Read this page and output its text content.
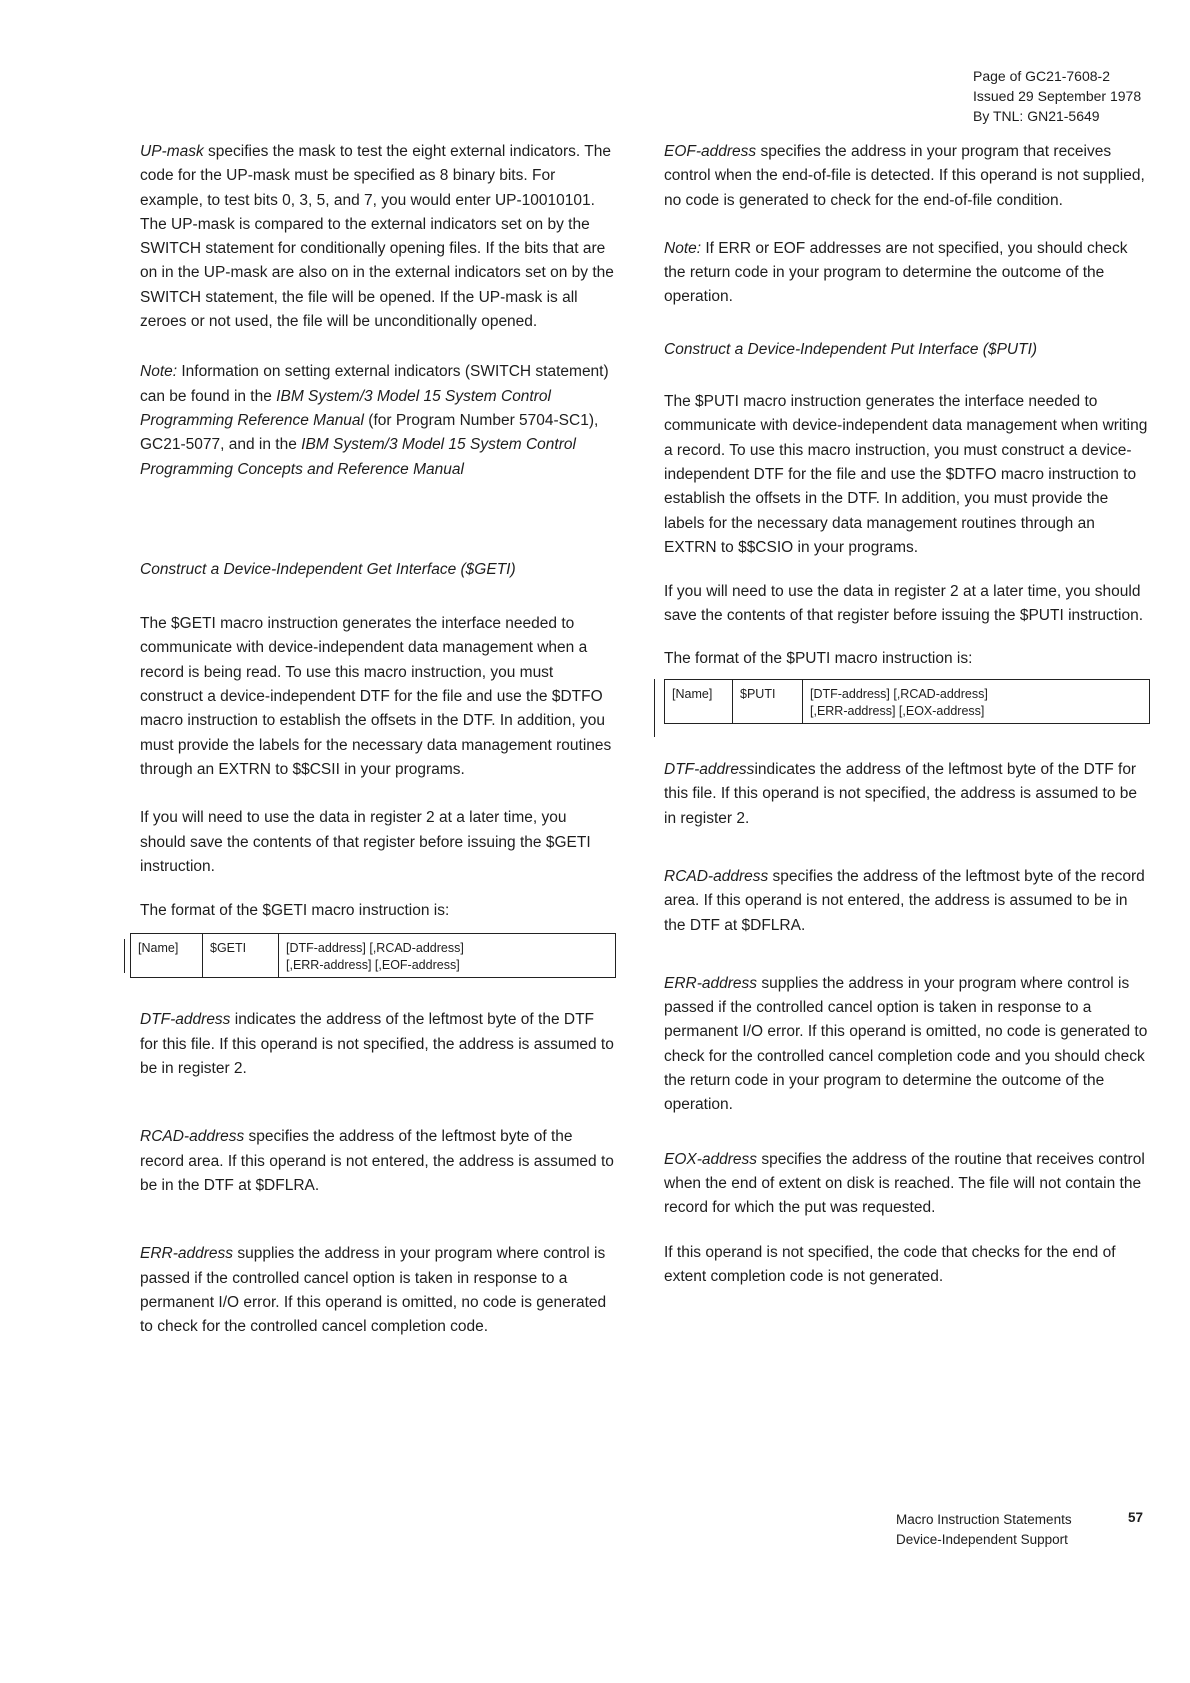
Page of GC21-7608-2
Issued 29 September 1978
By TNL: GN21-5649

UP-mask specifies the mask to test the eight external indicators. The code for the UP-mask must be specified as 8 binary bits. For example, to test bits 0, 3, 5, and 7, you would enter UP-10010101. The UP-mask is compared to the external indicators set on by the SWITCH statement for conditionally opening files. If the bits that are on in the UP-mask are also on in the external indicators set on by the SWITCH statement, the file will be opened. If the UP-mask is all zeroes or not used, the file will be unconditionally opened.

Note: Information on setting external indicators (SWITCH statement) can be found in the IBM System/3 Model 15 System Control Programming Reference Manual (for Program Number 5704-SC1), GC21-5077, and in the IBM System/3 Model 15 System Control Programming Concepts and Reference Manual

Construct a Device-Independent Get Interface ($GETI)

The $GETI macro instruction generates the interface needed to communicate with device-independent data management when a record is being read. To use this macro instruction, you must construct a device-independent DTF for the file and use the $DTFO macro instruction to establish the offsets in the DTF. In addition, you must provide the labels for the necessary data management routines through an EXTRN to $$CSII in your programs.

If you will need to use the data in register 2 at a later time, you should save the contents of that register before issuing the $GETI instruction.

The format of the $GETI macro instruction is:

[Name]	$GETI	[DTF-address] [,RCAD-address]
[,ERR-address] [,EOF-address]

DTF-address indicates the address of the leftmost byte of the DTF for this file. If this operand is not specified, the address is assumed to be in register 2.

RCAD-address specifies the address of the leftmost byte of the record area. If this operand is not entered, the address is assumed to be in the DTF at $DFLRA.

ERR-address supplies the address in your program where control is passed if the controlled cancel option is taken in response to a permanent I/O error. If this operand is omitted, no code is generated to check for the controlled cancel completion code.

EOF-address specifies the address in your program that receives control when the end-of-file is detected. If this operand is not supplied, no code is generated to check for the end-of-file condition.

Note: If ERR or EOF addresses are not specified, you should check the return code in your program to determine the outcome of the operation.

Construct a Device-Independent Put Interface ($PUTI)

The $PUTI macro instruction generates the interface needed to communicate with device-independent data management when writing a record. To use this macro instruction, you must construct a device-independent DTF for the file and use the $DTFO macro instruction to establish the offsets in the DTF. In addition, you must provide the labels for the necessary data management routines through an EXTRN to $$CSIO in your programs.

If you will need to use the data in register 2 at a later time, you should save the contents of that register before issuing the $PUTI instruction.

The format of the $PUTI macro instruction is:

[Name]	$PUTI	[DTF-address] [,RCAD-address]
[,ERR-address] [,EOX-address]

DTF-addressindicates the address of the leftmost byte of the DTF for this file. If this operand is not specified, the address is assumed to be in register 2.

RCAD-address specifies the address of the leftmost byte of the record area. If this operand is not entered, the address is assumed to be in the DTF at $DFLRA.

ERR-address supplies the address in your program where control is passed if the controlled cancel option is taken in response to a permanent I/O error. If this operand is omitted, no code is generated to check for the controlled cancel completion code and you should check the return code in your program to determine the outcome of the operation.

EOX-address specifies the address of the routine that receives control when the end of extent on disk is reached. The file will not contain the record for which the put was requested.

If this operand is not specified, the code that checks for the end of extent completion code is not generated.

Macro Instruction Statements
Device-Independent Support
57
